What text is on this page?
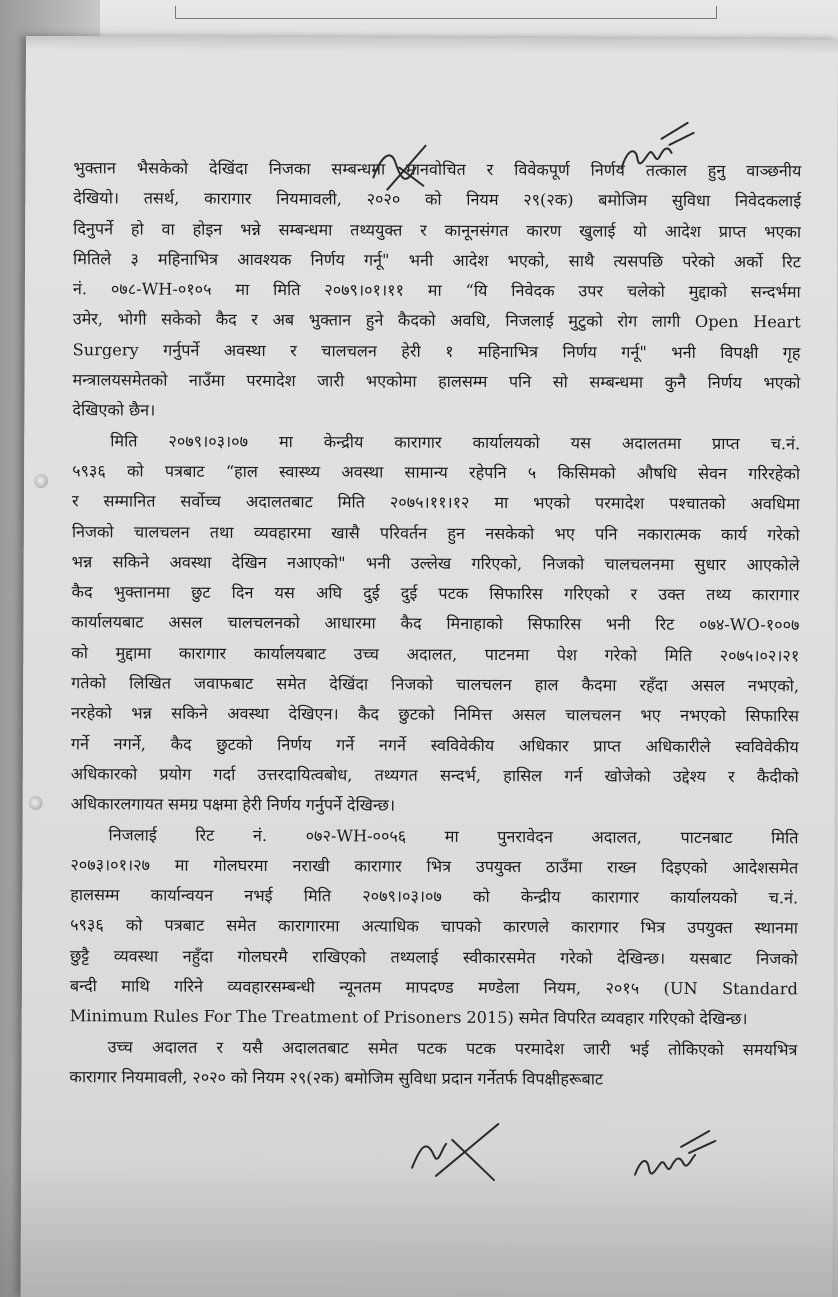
भुक्तान भैसकेको देखिंदा निजका सम्बन्धमा मानवोचित र विवेकपूर्ण निर्णय तत्काल हुनु वाञ्छनीय
देखियो। तसर्थ, कारागार नियमावली, २०२० को नियम २९(२क) बमोजिम सुविधा निवेदकलाई
दिनुपर्ने हो वा होइन भन्ने सम्बन्धमा तथ्ययुक्त र कानूनसंगत कारण खुलाई यो आदेश प्राप्त भएका
मितिले ३ महिनाभित्र आवश्यक निर्णय गर्नू" भनी आदेश भएको, साथै त्यसपछि परेको अर्को रिट
नं. ०७८-WH-०१०५ मा मिति २०७९।०१।११ मा “यि निवेदक उपर चलेको मुद्दाको सन्दर्भमा
उमेर, भोगी सकेको कैद र अब भुक्तान हुने कैदको अवधि, निजलाई मुटुको रोग लागी Open Heart
Surgery गर्नुपर्ने अवस्था र चालचलन हेरी १ महिनाभित्र निर्णय गर्नू" भनी विपक्षी गृह
मन्त्रालयसमेतको नाउँमा परमादेश जारी भएकोमा हालसम्म पनि सो सम्बन्धमा कुनै निर्णय भएको
देखिएको छैन।
मिति २०७९।०३।०७ मा केन्द्रीय कारागार कार्यालयको यस अदालतमा प्राप्त च.नं.
५९३६ को पत्रबाट “हाल स्वास्थ्य अवस्था सामान्य रहेपनि ५ किसिमको औषधि सेवन गरिरहेको
र सम्मानित सर्वोच्च अदालतबाट मिति २०७५।११।१२ मा भएको परमादेश पश्चातको अवधिमा
निजको चालचलन तथा व्यवहारमा खासै परिवर्तन हुन नसकेको भए पनि नकारात्मक कार्य गरेको
भन्न सकिने अवस्था देखिन नआएको" भनी उल्लेख गरिएको, निजको चालचलनमा सुधार आएकोले
कैद भुक्तानमा छुट दिन यस अघि दुई दुई पटक सिफारिस गरिएको र उक्त तथ्य कारागार
कार्यालयबाट असल चालचलनको आधारमा कैद मिनाहाको सिफारिस भनी रिट ०७४-WO-१००७
को मुद्दामा कारागार कार्यालयबाट उच्च अदालत, पाटनमा पेश गरेको मिति २०७५।०२।२१
गतेको लिखित जवाफबाट समेत देखिंदा निजको चालचलन हाल कैदमा रहँदा असल नभएको,
नरहेको भन्न सकिने अवस्था देखिएन। कैद छुटको निमित्त असल चालचलन भए नभएको सिफारिस
गर्ने नगर्ने, कैद छुटको निर्णय गर्ने नगर्ने स्वविवेकीय अधिकार प्राप्त अधिकारीले स्वविवेकीय
अधिकारको प्रयोग गर्दा उत्तरदायित्वबोध, तथ्यगत सन्दर्भ, हासिल गर्न खोजेको उद्देश्य र कैदीको
अधिकारलगायत समग्र पक्षमा हेरी निर्णय गर्नुपर्ने देखिन्छ।
निजलाई रिट नं. ०७२-WH-००५६ मा पुनरावेदन अदालत, पाटनबाट मिति
२०७३।०१।२७ मा गोलघरमा नराखी कारागार भित्र उपयुक्त ठाउँमा राख्न दिइएको आदेशसमेत
हालसम्म कार्यान्वयन नभई मिति २०७९।०३।०७ को केन्द्रीय कारागार कार्यालयको च.नं.
५९३६ को पत्रबाट समेत कारागारमा अत्याधिक चापको कारणले कारागार भित्र उपयुक्त स्थानमा
छुट्टै व्यवस्था नहुँदा गोलघरमै राखिएको तथ्यलाई स्वीकारसमेत गरेको देखिन्छ। यसबाट निजको
बन्दी माथि गरिने व्यवहारसम्बन्धी न्यूनतम मापदण्ड मण्डेला नियम, २०१५ (UN Standard
Minimum Rules For The Treatment of Prisoners 2015) समेत विपरित व्यवहार गरिएको देखिन्छ।
उच्च अदालत र यसै अदालतबाट समेत पटक पटक परमादेश जारी भई तोकिएको समयभित्र
कारागार नियमावली, २०२० को नियम २९(२क) बमोजिम सुविधा प्रदान गर्नेतर्फ विपक्षीहरूबाट
